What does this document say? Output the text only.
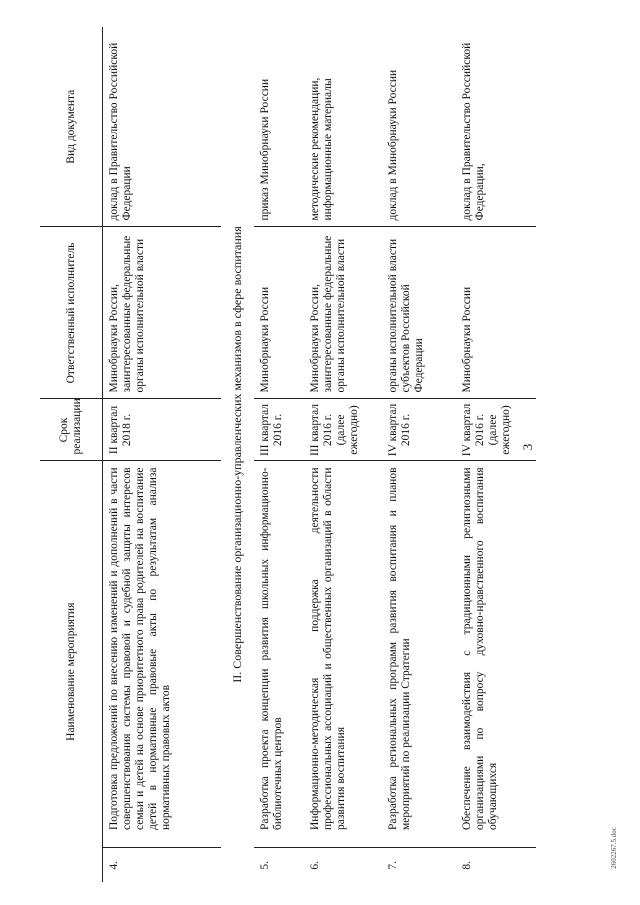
3
2602267.5.doc
Наименование мероприятия			Срок реализации	Ответственный исполнитель	Вид документа
4.		Подготовка предложений по внесению изменений и дополнений в части совершенствования системы правовой и судебной защиты интересов семьи и детей на основе приоритетного права родителей на воспитание детей в нормативные правовые акты по результатам анализа нормативных правовых актов	II квартал 2018 г.	Минобрнауки России, заинтересованные федеральные органы исполнительной власти	доклад в Правительство Российской Федерации
II. Совершенствование организационно-управленческих механизмов в сфере воспитания					
5.		Разработка проекта концепции развития школьных информационно-библиотечных центров	III квартал 2016 г.	Минобрнауки России	приказ Минобрнауки России
6.		Информационно-методическая поддержка деятельности профессиональных ассоциаций и общественных организаций в области развития воспитания	III квартал 2016 г. (далее ежегодно)	Минобрнауки России, заинтересованные федеральные органы исполнительной власти	методические рекомендации, информационные материалы
7.		Разработка региональных программ развития воспитания и планов мероприятий по реализации Стратегии	IV квартал 2016 г.	органы исполнительной власти субъектов Российской Федерации	доклад в Минобрнауки России
8.		Обеспечение взаимодействия с традиционными религиозными организациями по вопросу духовно-нравственного воспитания обучающихся	IV квартал 2016 г. (далее ежегодно)	Минобрнауки России	доклад в Правительство Российской Федерации,
